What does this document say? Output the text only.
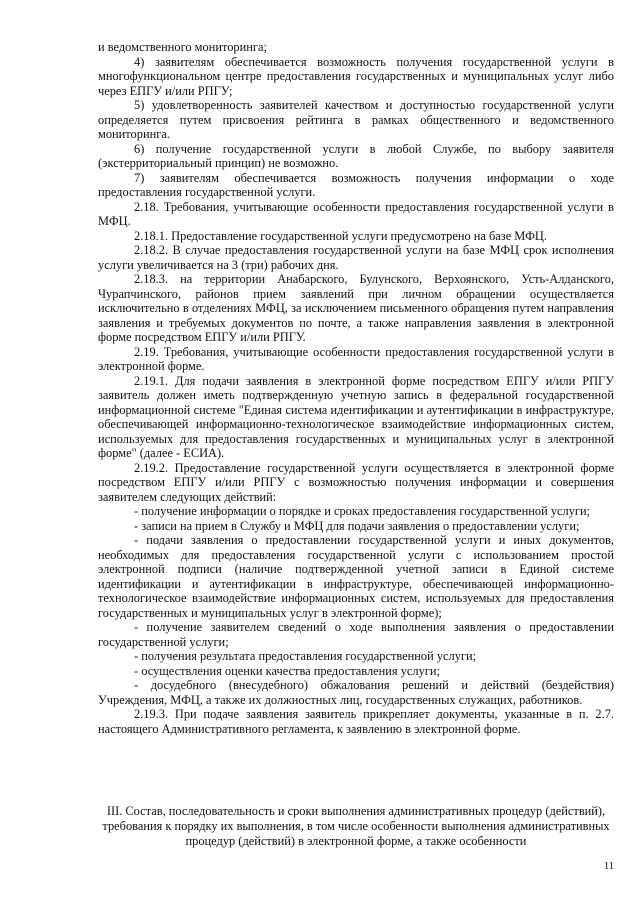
и ведомственного мониторинга;

4) заявителям обеспечивается возможность получения государственной услуги в многофункциональном центре предоставления государственных и муниципальных услуг либо через ЕПГУ и/или РПГУ;

5) удовлетворенность заявителей качеством и доступностью государственной услуги определяется путем присвоения рейтинга в рамках общественного и ведомственного мониторинга.

6) получение государственной услуги в любой Службе, по выбору заявителя (экстерриториальный принцип) не возможно.

7) заявителям обеспечивается возможность получения информации о ходе предоставления государственной услуги.

2.18. Требования, учитывающие особенности предоставления государственной услуги в МФЦ.

2.18.1. Предоставление государственной услуги предусмотрено на базе МФЦ.

2.18.2. В случае предоставления государственной услуги на базе МФЦ срок исполнения услуги увеличивается на 3 (три) рабочих дня.

2.18.3. на территории Анабарского, Булунского, Верхоянского, Усть-Алданского, Чурапчинского, районов прием заявлений при личном обращении осуществляется исключительно в отделениях МФЦ, за исключением письменного обращения путем направления заявления и требуемых документов по почте, а также направления заявления в электронной форме посредством ЕПГУ и/или РПГУ.

2.19. Требования, учитывающие особенности предоставления государственной услуги в электронной форме.

2.19.1. Для подачи заявления в электронной форме посредством ЕПГУ и/или РПГУ заявитель должен иметь подтвержденную учетную запись в федеральной государственной информационной системе "Единая система идентификации и аутентификации в инфраструктуре, обеспечивающей информационно-технологическое взаимодействие информационных систем, используемых для предоставления государственных и муниципальных услуг в электронной форме" (далее - ЕСИА).

2.19.2. Предоставление государственной услуги осуществляется в электронной форме посредством ЕПГУ и/или РПГУ с возможностью получения информации и совершения заявителем следующих действий:

- получение информации о порядке и сроках предоставления государственной услуги;

- записи на прием в Службу и МФЦ для подачи заявления о предоставлении услуги;

- подачи заявления о предоставлении государственной услуги и иных документов, необходимых для предоставления государственной услуги с использованием простой электронной подписи (наличие подтвержденной учетной записи в Единой системе идентификации и аутентификации в инфраструктуре, обеспечивающей информационно-технологическое взаимодействие информационных систем, используемых для предоставления государственных и муниципальных услуг в электронной форме);

- получение заявителем сведений о ходе выполнения заявления о предоставлении государственной услуги;

- получения результата предоставления государственной услуги;

- осуществления оценки качества предоставления услуги;

- досудебного (внесудебного) обжалования решений и действий (бездействия) Учреждения, МФЦ, а также их должностных лиц, государственных служащих, работников.

2.19.3. При подаче заявления заявитель прикрепляет документы, указанные в п. 2.7. настоящего Административного регламента, к заявлению в электронной форме.

III. Состав, последовательность и сроки выполнения административных процедур (действий), требования к порядку их выполнения, в том числе особенности выполнения административных процедур (действий) в электронной форме, а также особенности

11
